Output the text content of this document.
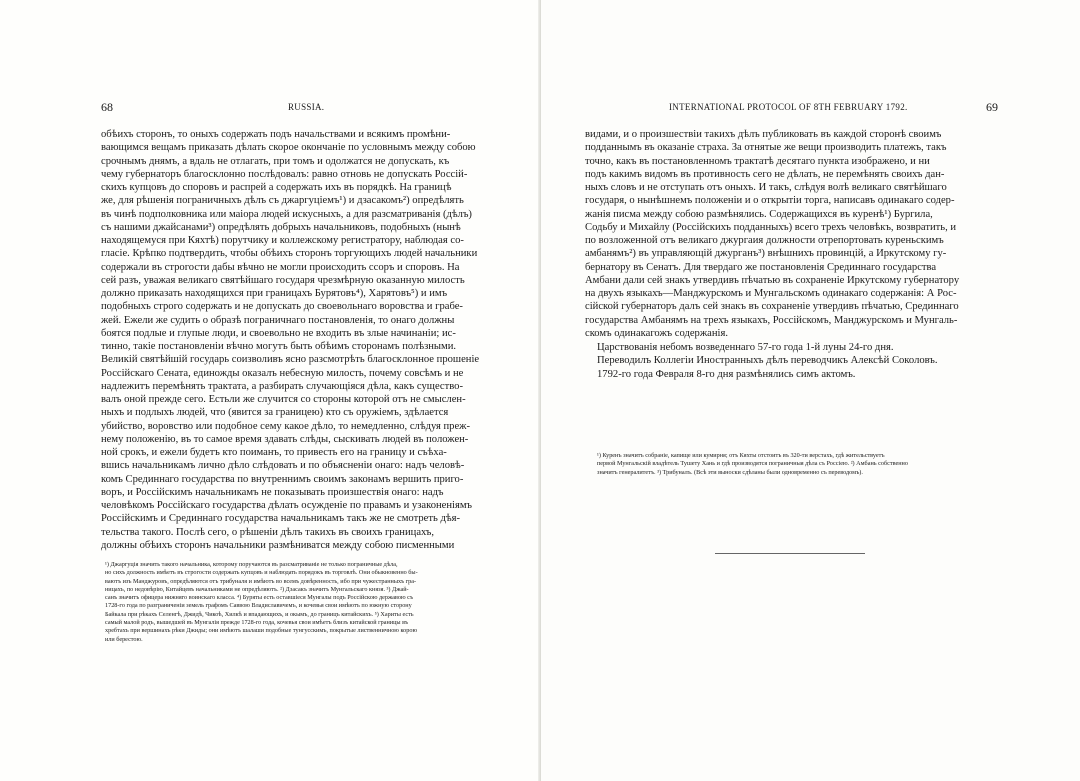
68	RUSSIA.
обѣихъ сторонъ, то оныхъ содержать подъ начальствами и всякимъ промѣни-
вающимся вещамъ приказать дѣлать скорое окончаніе по условнымъ между собою
срочнымъ днямъ, а вдаль не отлагать, при томъ и одолжатся не допускать, къ
чему губернаторъ благосклонно послѣдовалъ: равно отновь не допускать Россій-
скихъ купцовъ до споровъ и распрей а содержать ихъ въ порядкѣ. На границѣ
же, для рѣшенія пограничныхъ дѣлъ съ джаргуціемъ¹) и дзасакомъ²) опредѣлять
въ чинѣ подполковника или маіора людей искусныхъ, а для разсматриванія (дѣлъ)
съ нашими джайсанами³) опредѣлять добрыхъ начальниковъ, подобныхъ (нынѣ
находящемуся при Кяхтѣ) порутчику и коллежскому регистратору, наблюдая со-
гласіе. Крѣпко подтвердить, чтобы обѣихъ сторонъ торгующихъ людей начальники
содержали въ строгости дабы вѣчно не могли происходить ссоръ и споровъ. На
сей разъ, уважая великаго святѣйшаго государя чрезмѣрную оказанную милость
должно приказать находящихся при границахъ Бурятовъ⁴), Харятовъ⁵) и имъ
подобныхъ строго содержать и не допускать до своевольнаго воровства и грабе-
жей. Ежели же судить о образѣ пограничнаго постановленія, то онаго должны
боятся подлые и глупые люди, и своевольно не входить въ злые начинаніи; ис-
тинно, такіе постановленіи вѣчно могутъ быть обѣимъ сторонамъ полѣзными.
Великій святѣйшій государь соизволивъ ясно разсмотрѣть благосклонное прошеніе
Россійскаго Сената, единожды оказалъ небесную милость, почему совсѣмъ и не
надлежитъ перемѣнять трактата, а разбирать случающіяся дѣла, какъ существо-
валъ оной прежде сего. Естьли же случится со стороны которой отъ не смыслен-
ныхъ и подлыхъ людей, что (явится за границею) кто съ оружіемъ, здѣлается
убийство, воровство или подобное сему какое дѣло, то немедленно, слѣдуя преж-
нему положенію, въ то самое время здавать слѣды, сыскивать людей въ положен-
ной срокъ, и ежели будетъ кто поиманъ, то привесть его на границу и съѣха-
вшись начальникамъ лично дѣло слѣдовать и по объясненіи онаго: надъ человѣ-
комъ Срединнаго государства по внутреннимъ своимъ законамъ вершить приго-
воръ, и Россійскимъ начальникамъ не показывать произшествія онаго: надъ
человѣкомъ Россійскаго государства дѣлать осужденіе по правамъ и узаконеніямъ
Россійскимъ и Срединнаго государства начальникамъ такъ же не смотреть дѣя-
тельства такого. Послѣ сего, о рѣшеніи дѣлъ такихъ въ своихъ границахъ,
должны обѣихъ сторонъ начальники размѣниватся между собою писменными
¹) Джаргуція значить такого начальника, которому поручаются въ разсматриваніе не только пограничные дѣла,
но сихъ должность имѣетъ въ строгости содержать купцовъ и наблюдать порядокъ въ торговлѣ. Они обыкновенно бы-
ваютъ изъ Манджуровъ, опредѣляются отъ трибуналя и имѣютъ во всемъ довѣренность, ибо при чужестранныхъ гра-
ницахъ, по недовѣрію, Китайцевъ начальниками не опредѣляютъ. ²) Дзасакъ значитъ Мунгальскаго князя. ³) Джай-
санъ значитъ офицера нижняго воинскаго класса. ⁴) Буряты есть оставшіеся Мунгалы подъ Россійскою державою съ
1728-го года по разграниченіи земель графомъ Саввою Владиславичемъ, и кочевья свои имѣютъ по южную сторону
Байкала при рѣкахъ Селенгѣ, Джидѣ, Чикоѣ, Хилкѣ и впадающихъ, и окымъ, до границъ китайскихъ. ⁵) Хариты есть
самый малой родъ, вышедшей въ Мунгалія прежде 1728-го года, кочевья свои имѣетъ близъ китайской границы въ
хребтахъ при вершинахъ рѣки Джиды; они имѣютъ шалаши подобные тунгусскимъ, покрытые лиственничною корою
или берестою.
INTERNATIONAL PROTOCOL OF 8TH FEBRUARY 1792.	69
видами, и о произшествіи такихъ дѣлъ публиковать въ каждой сторонѣ своимъ
подданнымъ въ оказаніе страха. За отнятые же вещи производить платежъ, такъ
точно, какъ въ постановленномъ трактатѣ десятаго пункта изображено, и ни
подъ какимъ видомъ въ противность сего не дѣлать, не перемѣнять своихъ дан-
ныхъ словъ и не отступать отъ оныхъ. И такъ, слѣдуя волѣ великаго святѣйшаго
государя, о нынѣшнемъ положеніи и о открытіи торга, написавъ одинакаго содер-
жанія писма между собою размѣнялись. Содержащихся въ куренѣ¹) Бургила,
Содьбу и Михайлу (Россійскихъ подданныхъ) всего трехъ человѣкъ, возвратить, и
по возложенной отъ великаго джургаия должности отрепортовать куреньскимъ
амбанямъ²) въ управляющій джурганъ³) внѣшнихъ провинцій, а Иркутскому гу-
бернатору въ Сенатъ. Для твердаго же постановленія Срединнаго государства
Амбани дали сей знакъ утвердивъ пѣчатью въ сохраненіе Иркутскому губернатору
на двухъ языкахъ—Манджурскомъ и Мунгальскомъ одинакаго содержанія: А Рос-
сійской губернаторъ далъ сей знакъ въ сохраненіе утвердивъ пѣчатью, Срединнаго
государства Амбанямъ на трехъ языкахъ, Россійскомъ, Манджурскомъ и Мунгаль-
скомъ одинакагожъ содержанія.
Царствованія небомъ возведеннаго 57-го года 1-й луны 24-го дня.
Переводилъ Коллегіи Иностранныхъ дѣлъ переводчикъ Алексѣй Соколовъ.
1792-го года Февраля 8-го дня размѣнялись симъ актомъ.
¹) Куренъ значитъ собраніе, капище или кумирня; отъ Кяхты отстоитъ въ 320-ти верстахъ, гдѣ жительствуетъ
первой Мунгальскій владѣтель Тушету Хань и гдѣ производятся пограничныя дѣла съ Россіею. ²) Амбань собственно
значитъ генералитетъ. ³) Трибуналъ. (Всѣ эти выноски сдѣланы были одновременно съ переводомъ).
